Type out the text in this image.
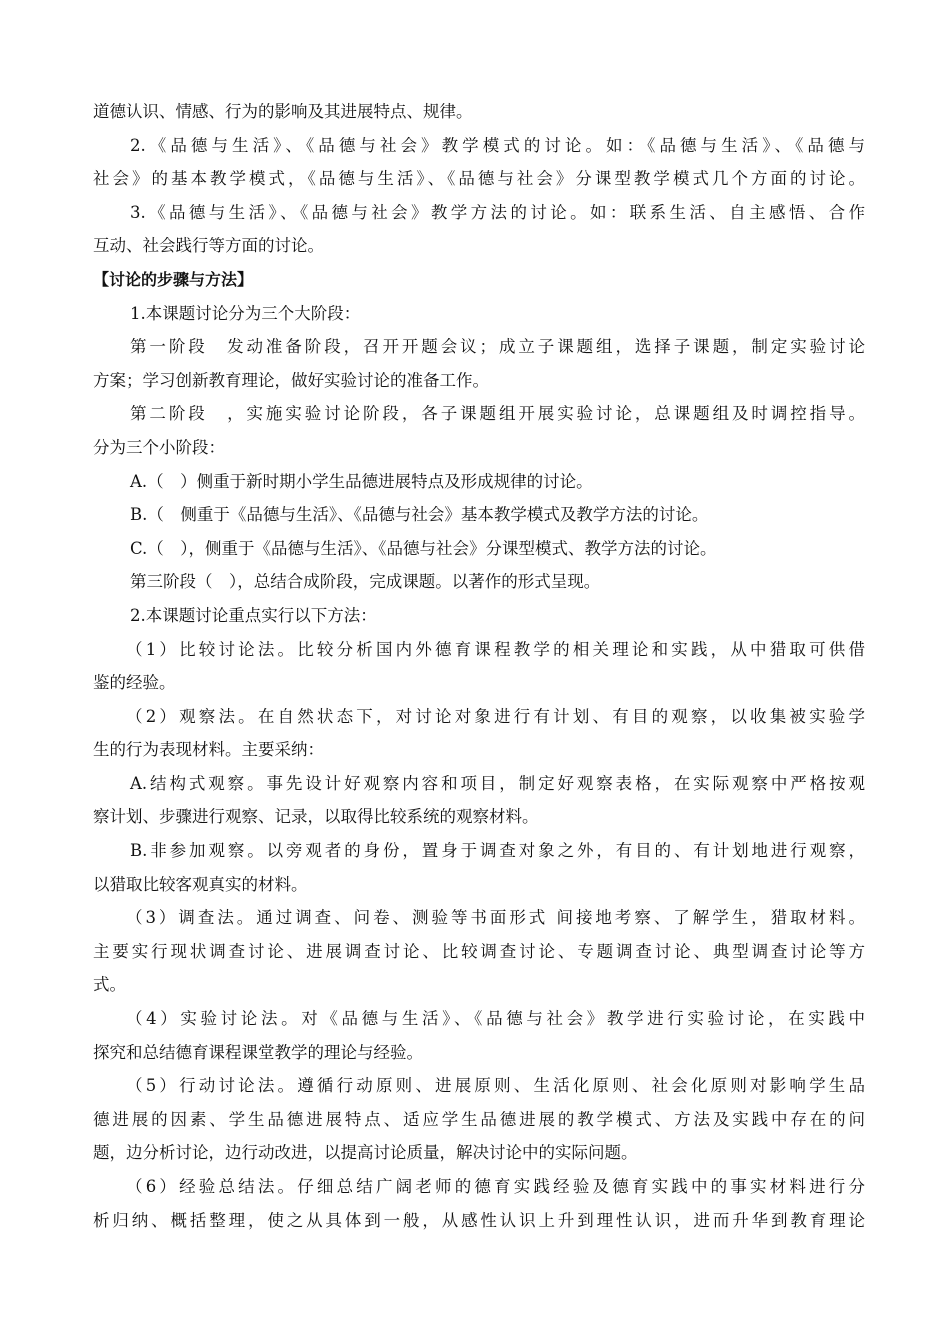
道德认识、情感、行为的影响及其进展特点、规律。
2.《品德与生活》、《品德与社会》教学模式的讨论。如：《品德与生活》、《品德与
社会》的基本教学模式，《品德与生活》、《品德与社会》分课型教学模式几个方面的讨论。
3.《品德与生活》、《品德与社会》教学方法的讨论。如：联系生活、自主感悟、合作
互动、社会践行等方面的讨论。
【讨论的步骤与方法】
1.本课题讨论分为三个大阶段：
第一阶段　发动准备阶段，召开开题会议；成立子课题组，选择子课题，制定实验讨论
方案；学习创新教育理论，做好实验讨论的准备工作。
第二阶段　，实施实验讨论阶段，各子课题组开展实验讨论，总课题组及时调控指导。
分为三个小阶段：
A.（　）侧重于新时期小学生品德进展特点及形成规律的讨论。
B.（　侧重于《品德与生活》、《品德与社会》基本教学模式及教学方法的讨论。
C.（　），侧重于《品德与生活》、《品德与社会》分课型模式、教学方法的讨论。
第三阶段（　），总结合成阶段，完成课题。以著作的形式呈现。
2.本课题讨论重点实行以下方法：
（1）比较讨论法。比较分析国内外德育课程教学的相关理论和实践，从中猎取可供借
鉴的经验。
（2）观察法。在自然状态下，对讨论对象进行有计划、有目的观察，以收集被实验学
生的行为表现材料。主要采纳：
A.结构式观察。事先设计好观察内容和项目，制定好观察表格，在实际观察中严格按观
察计划、步骤进行观察、记录，以取得比较系统的观察材料。
B.非参加观察。以旁观者的身份，置身于调查对象之外，有目的、有计划地进行观察，
以猎取比较客观真实的材料。
（3）调查法。通过调查、问卷、测验等书面形式 间接地考察、了解学生，猎取材料。
主要实行现状调查讨论、进展调查讨论、比较调查讨论、专题调查讨论、典型调查讨论等方
式。
（4）实验讨论法。对《品德与生活》、《品德与社会》教学进行实验讨论，在实践中
探究和总结德育课程课堂教学的理论与经验。
（5）行动讨论法。遵循行动原则、进展原则、生活化原则、社会化原则对影响学生品
德进展的因素、学生品德进展特点、适应学生品德进展的教学模式、方法及实践中存在的问
题，边分析讨论，边行动改进，以提高讨论质量，解决讨论中的实际问题。
（6）经验总结法。仔细总结广阔老师的德育实践经验及德育实践中的事实材料进行分
析归纳、概括整理，使之从具体到一般，从感性认识上升到理性认识，进而升华到教育理论
